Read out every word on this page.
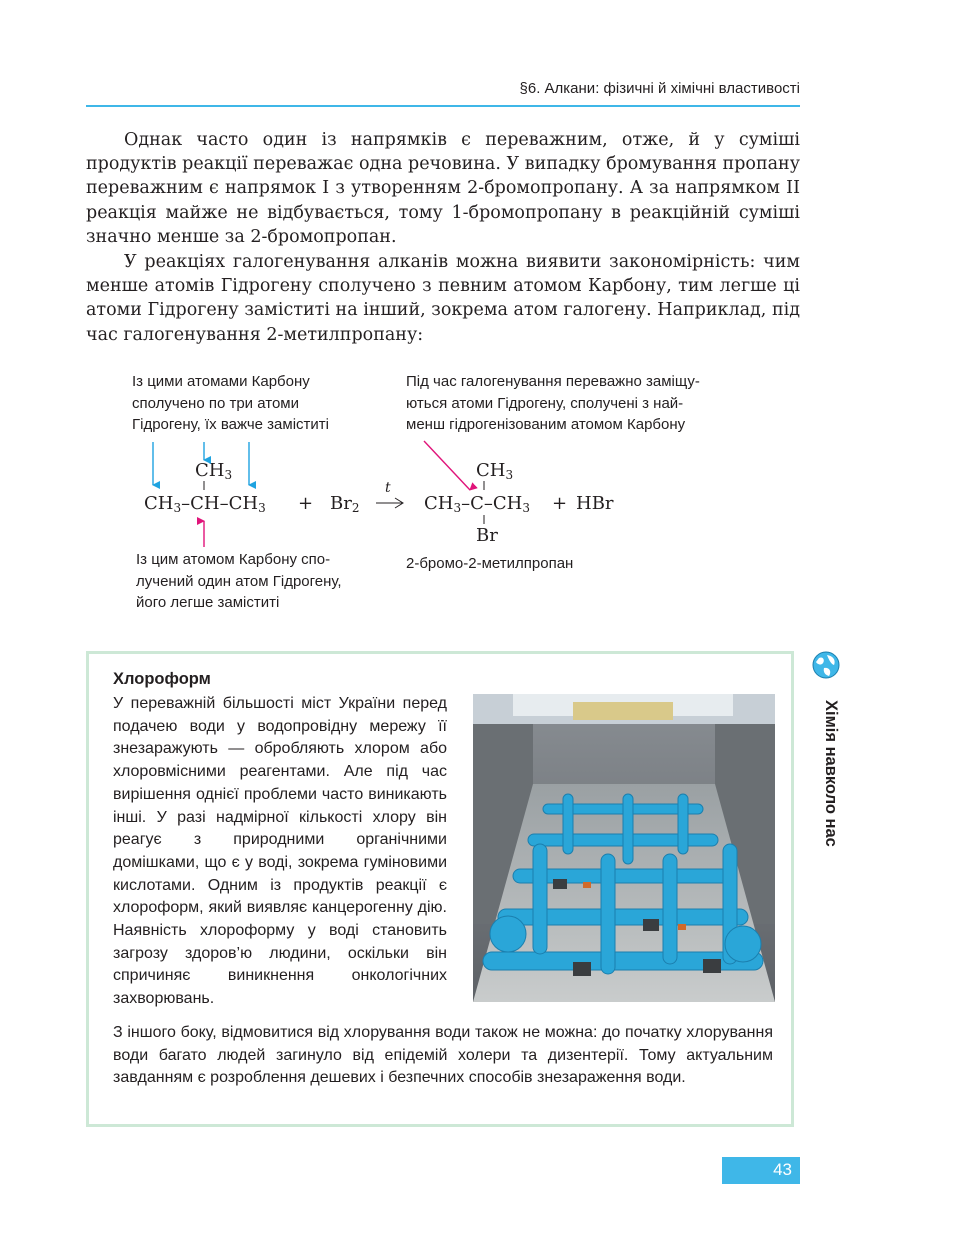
§6. Алкани: фізичні й хімічні властивості

Однак часто один із напрямків є переважним, отже, й у суміші продуктів реакції переважає одна речовина. У випадку бромування пропану переважним є напрямок I з утворенням 2-бромопропану. А за напрямком II реакція майже не відбувається, тому 1-бромопропану в реакційній суміші значно менше за 2-бромопропан.

У реакціях галогенування алканів можна виявити закономірність: чим менше атомів Гідрогену сполучено з певним атомом Карбону, тим легше ці атоми Гідрогену заміститі на інший, зокрема атом галогену. Наприклад, під час галогенування 2-метилпропану:

Із цими атомами Карбону
сполучено по три атоми
Гідрогену, їх важче заміститі
Під час галогенування переважно заміщу-
ються атоми Гідрогену, сполучені з най-
менш гідрогенізованим атомом Карбону
Із цим атомом Карбону спо-
лучений один атом Гідрогену,
його легше заміститі
2-бромо-2-метилпропан
$CH_3$
$CH_3-CH-CH_3 + Br_2$
t
$CH_3$
$CH_3-C-CH_3$
Br
+ HBr
Хлороформ
У переважній більшості міст України перед подачею води у водопровідну мережу її знезаражують — обробляють хлором або хлоровмісними реагентами. Але під час вирішення однієї проблеми часто виникають інші. У разі надмірної кількості хлору він реагує з природними органічними домішками, що є у воді, зокрема гуміновими кислотами. Одним із продуктів реакції є хлороформ, який виявляє канцерогенну дію. Наявність хлороформу у воді становить загрозу здоров’ю людини, оскільки він спричиняє виникнення онкологічних захворювань.
З іншого боку, відмовитися від хлорування води також не можна: до початку хлорування води багато людей загинуло від епідемій холери та дизентерії. Тому актуальним завданням є розроблення дешевих і безпечних способів знезараження води.
Хімія навколо нас
43
